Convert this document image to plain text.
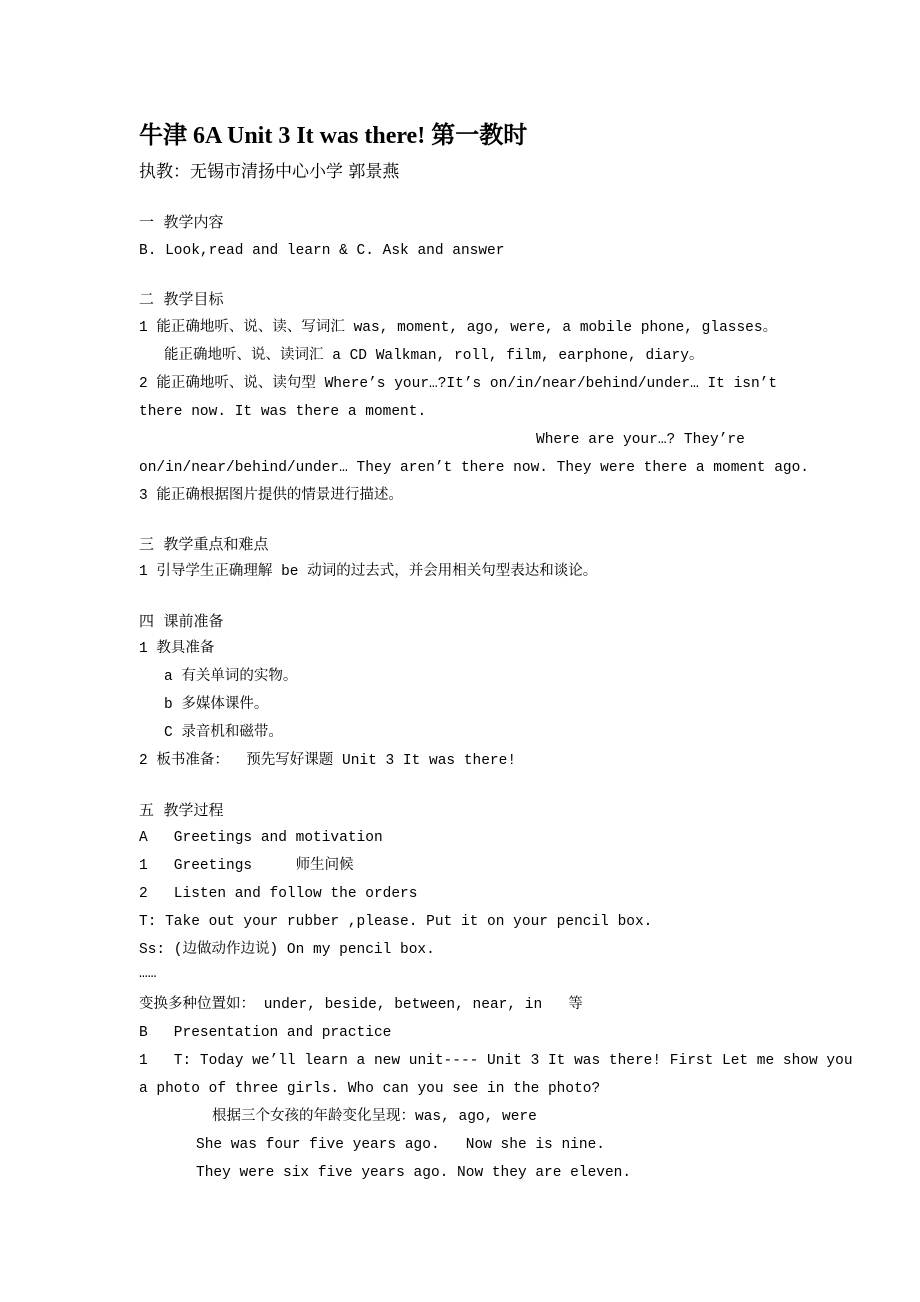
牛津 6A Unit 3 It was there! 第一教时
执教：无锡市清扬中心小学 郭景燕
一  教学内容
B. Look,read and learn & C. Ask and answer
二  教学目标
1 能正确地听、说、读、写词汇 was, moment, ago, were, a mobile phone, glasses。
能正确地听、说、读词汇 a CD Walkman, roll, film, earphone, diary。
2 能正确地听、说、读句型 Where’s your…?It’s on/in/near/behind/under… It isn’t
there now. It was there a moment.
Where are your…? They’re
on/in/near/behind/under… They aren’t there now. They were there a moment ago.
3 能正确根据图片提供的情景进行描述。
三  教学重点和难点
1 引导学生正确理解 be 动词的过去式，并会用相关句型表达和谈论。
四  课前准备
1 教具准备
a 有关单词的实物。
b 多媒体课件。
C 录音机和磁带。
2 板书准备：  预先写好课题 Unit 3 It was there!
五  教学过程
A   Greetings and motivation
1   Greetings     师生问候
2   Listen and follow the orders
T: Take out your rubber ,please. Put it on your pencil box.
Ss: (边做动作边说) On my pencil box.
……
变换多种位置如： under, beside, between, near, in   等
B   Presentation and practice
1   T: Today we’ll learn a new unit---- Unit 3 It was there! First Let me show you
a photo of three girls. Who can you see in the photo?
根据三个女孩的年龄变化呈现：was, ago, were
She was four five years ago.   Now she is nine.
They were six five years ago. Now they are eleven.
